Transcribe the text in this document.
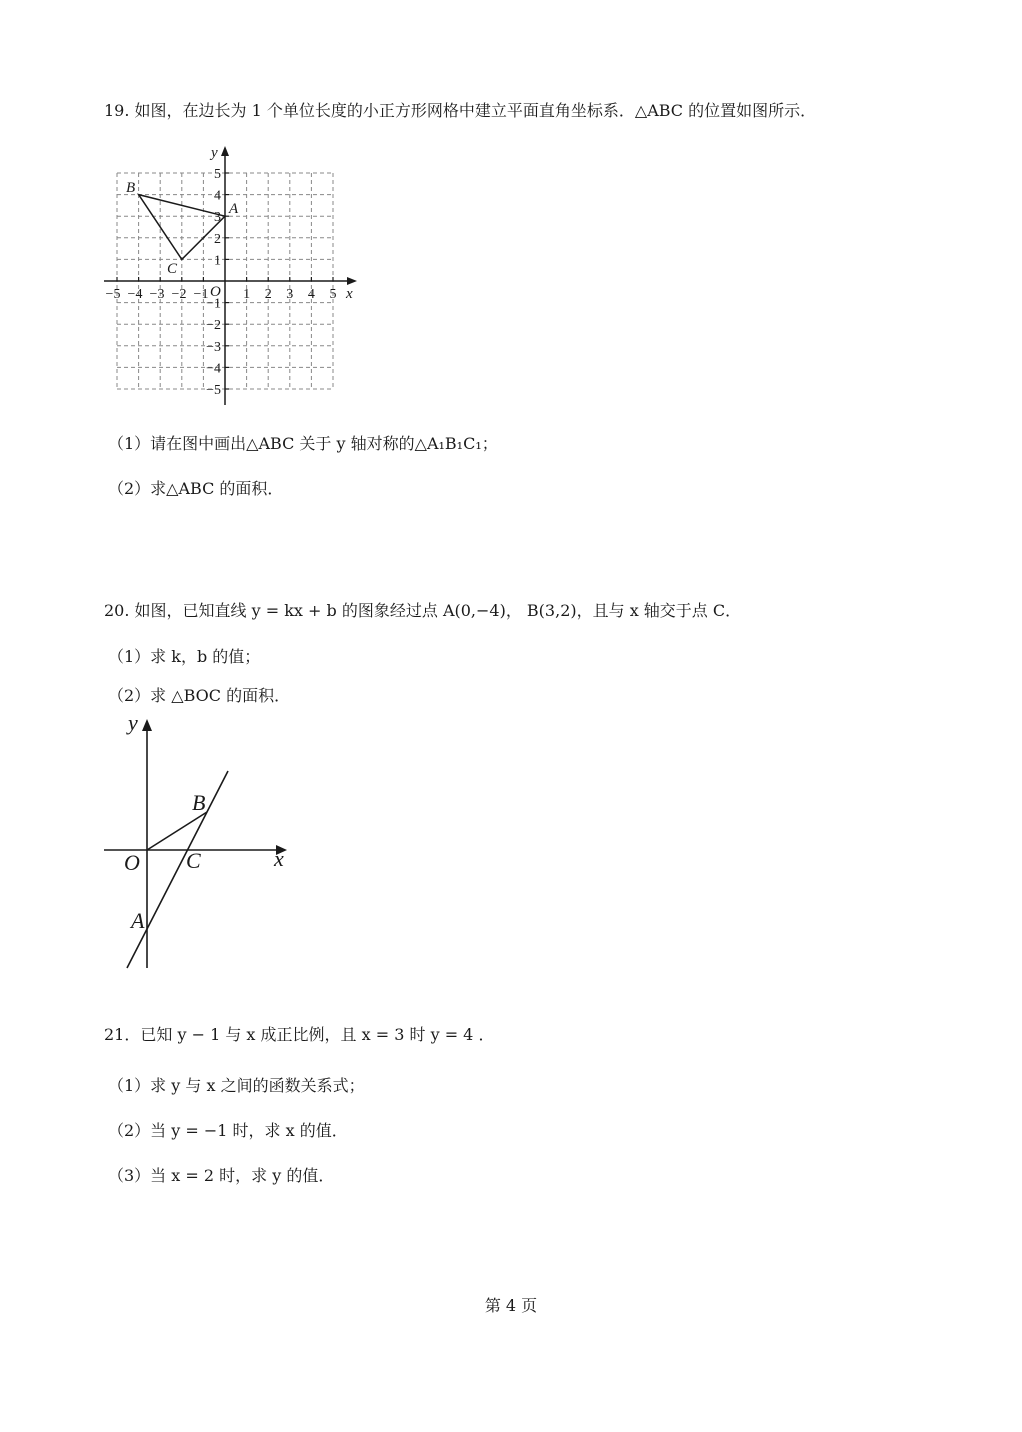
19. 如图，在边长为 1 个单位长度的小正方形网格中建立平面直角坐标系．△ABC 的位置如图所示．
y
x
O
−5 −4 −3 −2 −1 1 2 3 4 5
5
4
3
2
1
−1
−2
−3
−4
−5
A
B
C
（1）请在图中画出△ABC 关于 y 轴对称的△A₁B₁C₁；
（2）求△ABC 的面积．
20. 如图，已知直线 y = kx + b 的图象经过点 A(0,−4)， B(3,2)，且与 x 轴交于点 C．
（1）求 k，b 的值；
（2）求 △BOC 的面积．
y
x
O
B
C
A
21．已知 y − 1 与 x 成正比例，且 x = 3 时 y = 4 ．
（1）求 y 与 x 之间的函数关系式；
（2）当 y = −1 时，求 x 的值．
（3）当 x = 2 时，求 y 的值．
第 4 页
